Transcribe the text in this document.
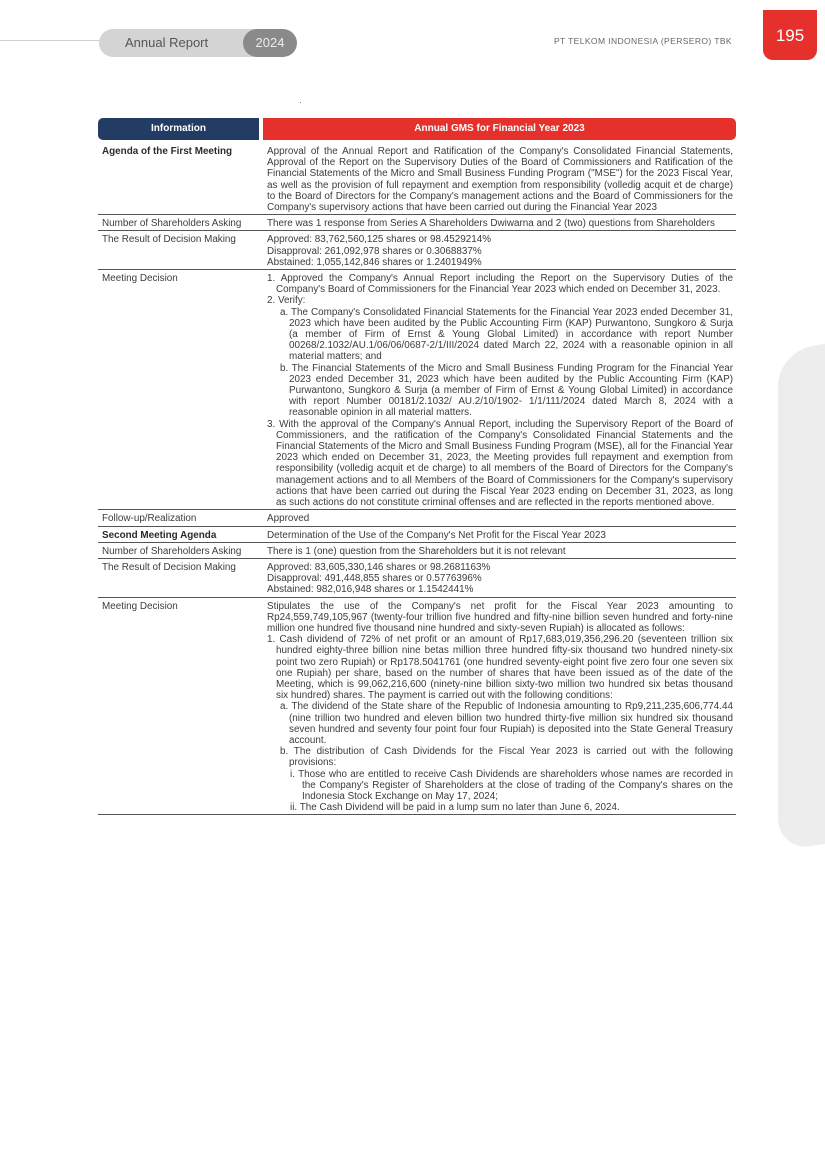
Annual Report	2024	PT TELKOM INDONESIA (PERSERO) TBK	195
Information	Annual GMS for Financial Year 2023
Agenda of the First Meeting	Approval of the Annual Report and Ratification of the Company's Consolidated Financial Statements, Approval of the Report on the Supervisory Duties of the Board of Commissioners and Ratification of the Financial Statements of the Micro and Small Business Funding Program ("MSE") for the 2023 Fiscal Year, as well as the provision of full repayment and exemption from responsibility (volledig acquit et de charge) to the Board of Directors for the Company's management actions and the Board of Commissioners for the Company's supervisory actions that have been carried out during the Financial Year 2023
Number of Shareholders Asking	There was 1 response from Series A Shareholders Dwiwarna and 2 (two) questions from Shareholders
The Result of Decision Making	Approved: 83,762,560,125 shares or 98.4529214%
Disapproval: 261,092,978 shares or 0.3068837%
Abstained: 1,055,142,846 shares or 1.2401949%
Meeting Decision	1. Approved the Company's Annual Report including the Report on the Supervisory Duties of the Company's Board of Commissioners for the Financial Year 2023 which ended on December 31, 2023.
2. Verify:
a. The Company's Consolidated Financial Statements for the Financial Year 2023 ended December 31, 2023 which have been audited by the Public Accounting Firm (KAP) Purwantono, Sungkoro & Surja (a member of Firm of Ernst & Young Global Limited) in accordance with report Number 00268/2.1032/AU.1/06/06/0687-2/1/III/2024 dated March 22, 2024 with a reasonable opinion in all material matters; and
b. The Financial Statements of the Micro and Small Business Funding Program for the Financial Year 2023 ended December 31, 2023 which have been audited by the Public Accounting Firm (KAP) Purwantono, Sungkoro & Surja (a member of Firm of Ernst & Young Global Limited) in accordance with report Number 00181/2.1032/ AU.2/10/1902- 1/1/111/2024 dated March 8, 2024 with a reasonable opinion in all material matters.
3. With the approval of the Company's Annual Report, including the Supervisory Report of the Board of Commissioners, and the ratification of the Company's Consolidated Financial Statements and the Financial Statements of the Micro and Small Business Funding Program (MSE), all for the Financial Year 2023 which ended on December 31, 2023, the Meeting provides full repayment and exemption from responsibility (volledig acquit et de charge) to all members of the Board of Directors for the Company's management actions and to all Members of the Board of Commissioners for the Company's supervisory actions that have been carried out during the Fiscal Year 2023 ending on December 31, 2023, as long as such actions do not constitute criminal offenses and are reflected in the reports mentioned above.
Follow-up/Realization	Approved
Second Meeting Agenda	Determination of the Use of the Company's Net Profit for the Fiscal Year 2023
Number of Shareholders Asking	There is 1 (one) question from the Shareholders but it is not relevant
The Result of Decision Making	Approved: 83,605,330,146 shares or 98.2681163%
Disapproval: 491,448,855 shares or 0.5776396%
Abstained: 982,016,948 shares or 1.1542441%
Meeting Decision	Stipulates the use of the Company's net profit for the Fiscal Year 2023 amounting to Rp24,559,749,105,967 (twenty-four trillion five hundred and fifty-nine billion seven hundred and forty-nine million one hundred five thousand nine hundred and sixty-seven Rupiah) is allocated as follows:
1. Cash dividend of 72% of net profit or an amount of Rp17,683,019,356,296.20 (seventeen trillion six hundred eighty-three billion nine betas million three hundred fifty-six thousand two hundred ninety-six point two zero Rupiah) or Rp178.5041761 (one hundred seventy-eight point five zero four one seven six one Rupiah) per share, based on the number of shares that have been issued as of the date of the Meeting, which is 99,062,216,600 (ninety-nine billion sixty-two million two hundred six betas thousand six hundred) shares. The payment is carried out with the following conditions:
a. The dividend of the State share of the Republic of Indonesia amounting to Rp9,211,235,606,774.44 (nine trillion two hundred and eleven billion two hundred thirty-five million six hundred six thousand seven hundred and seventy four point four four Rupiah) is deposited into the State General Treasury account.
b. The distribution of Cash Dividends for the Fiscal Year 2023 is carried out with the following provisions:
i. Those who are entitled to receive Cash Dividends are shareholders whose names are recorded in the Company's Register of Shareholders at the close of trading of the Company's shares on the Indonesia Stock Exchange on May 17, 2024;
ii. The Cash Dividend will be paid in a lump sum no later than June 6, 2024.
